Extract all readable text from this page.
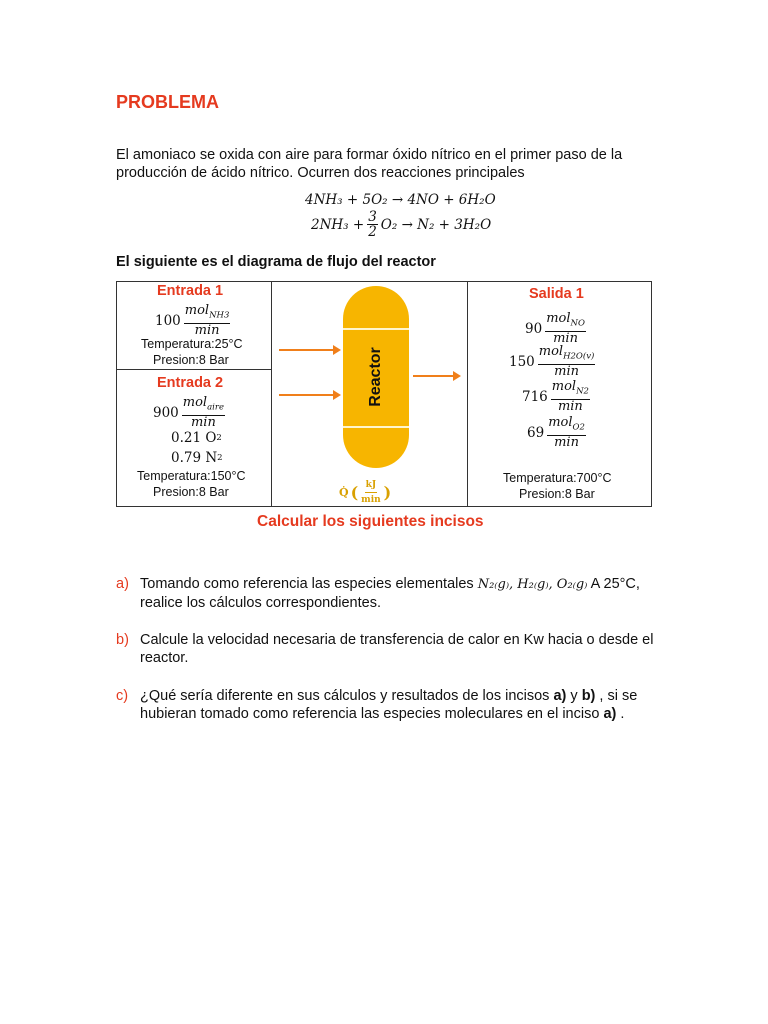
PROBLEMA
El amoniaco se oxida con aire para formar óxido nítrico en el primer paso de la producción de ácido nítrico. Ocurren dos reacciones principales
4NH₃ + 5O₂ → 4NO + 6H₂O
$2NH_3 + \frac{3}{2} O_2 \to N_2 + 3H_2O$
El siguiente es el diagrama de flujo del reactor
Entrada 1
$100 \frac{mol_{NH3}}{\min}$
Temperatura:25°C
Presion:8 Bar
Entrada 2
$900 \frac{mol_{aire}}{\min}$
0.21 O 2
0.79 N 2
Temperatura:150°C
Presion:8 Bar
Reactor
Q̇ ( $\frac{kJ}{\min}$ )
Salida 1
$90 \frac{mol_{NO}}{\min}$
$150 \frac{mol_{H2O(v)}}{\min}$
$716 \frac{mol_{N2}}{\min}$
$69 \frac{mol_{O2}}{\min}$
Temperatura:700°C
Presion:8 Bar
Calcular los siguientes incisos
a) Tomando como referencia las especies elementales N₂₍g₎, H₂₍g₎, O₂₍g₎ A 25°C, realice los cálculos correspondientes.
b) Calcule la velocidad necesaria de transferencia de calor en Kw hacia o desde el reactor.
c) ¿Qué sería diferente en sus cálculos y resultados de los incisos a) y b) , si se hubieran tomado como referencia las especies moleculares en el inciso a) .
